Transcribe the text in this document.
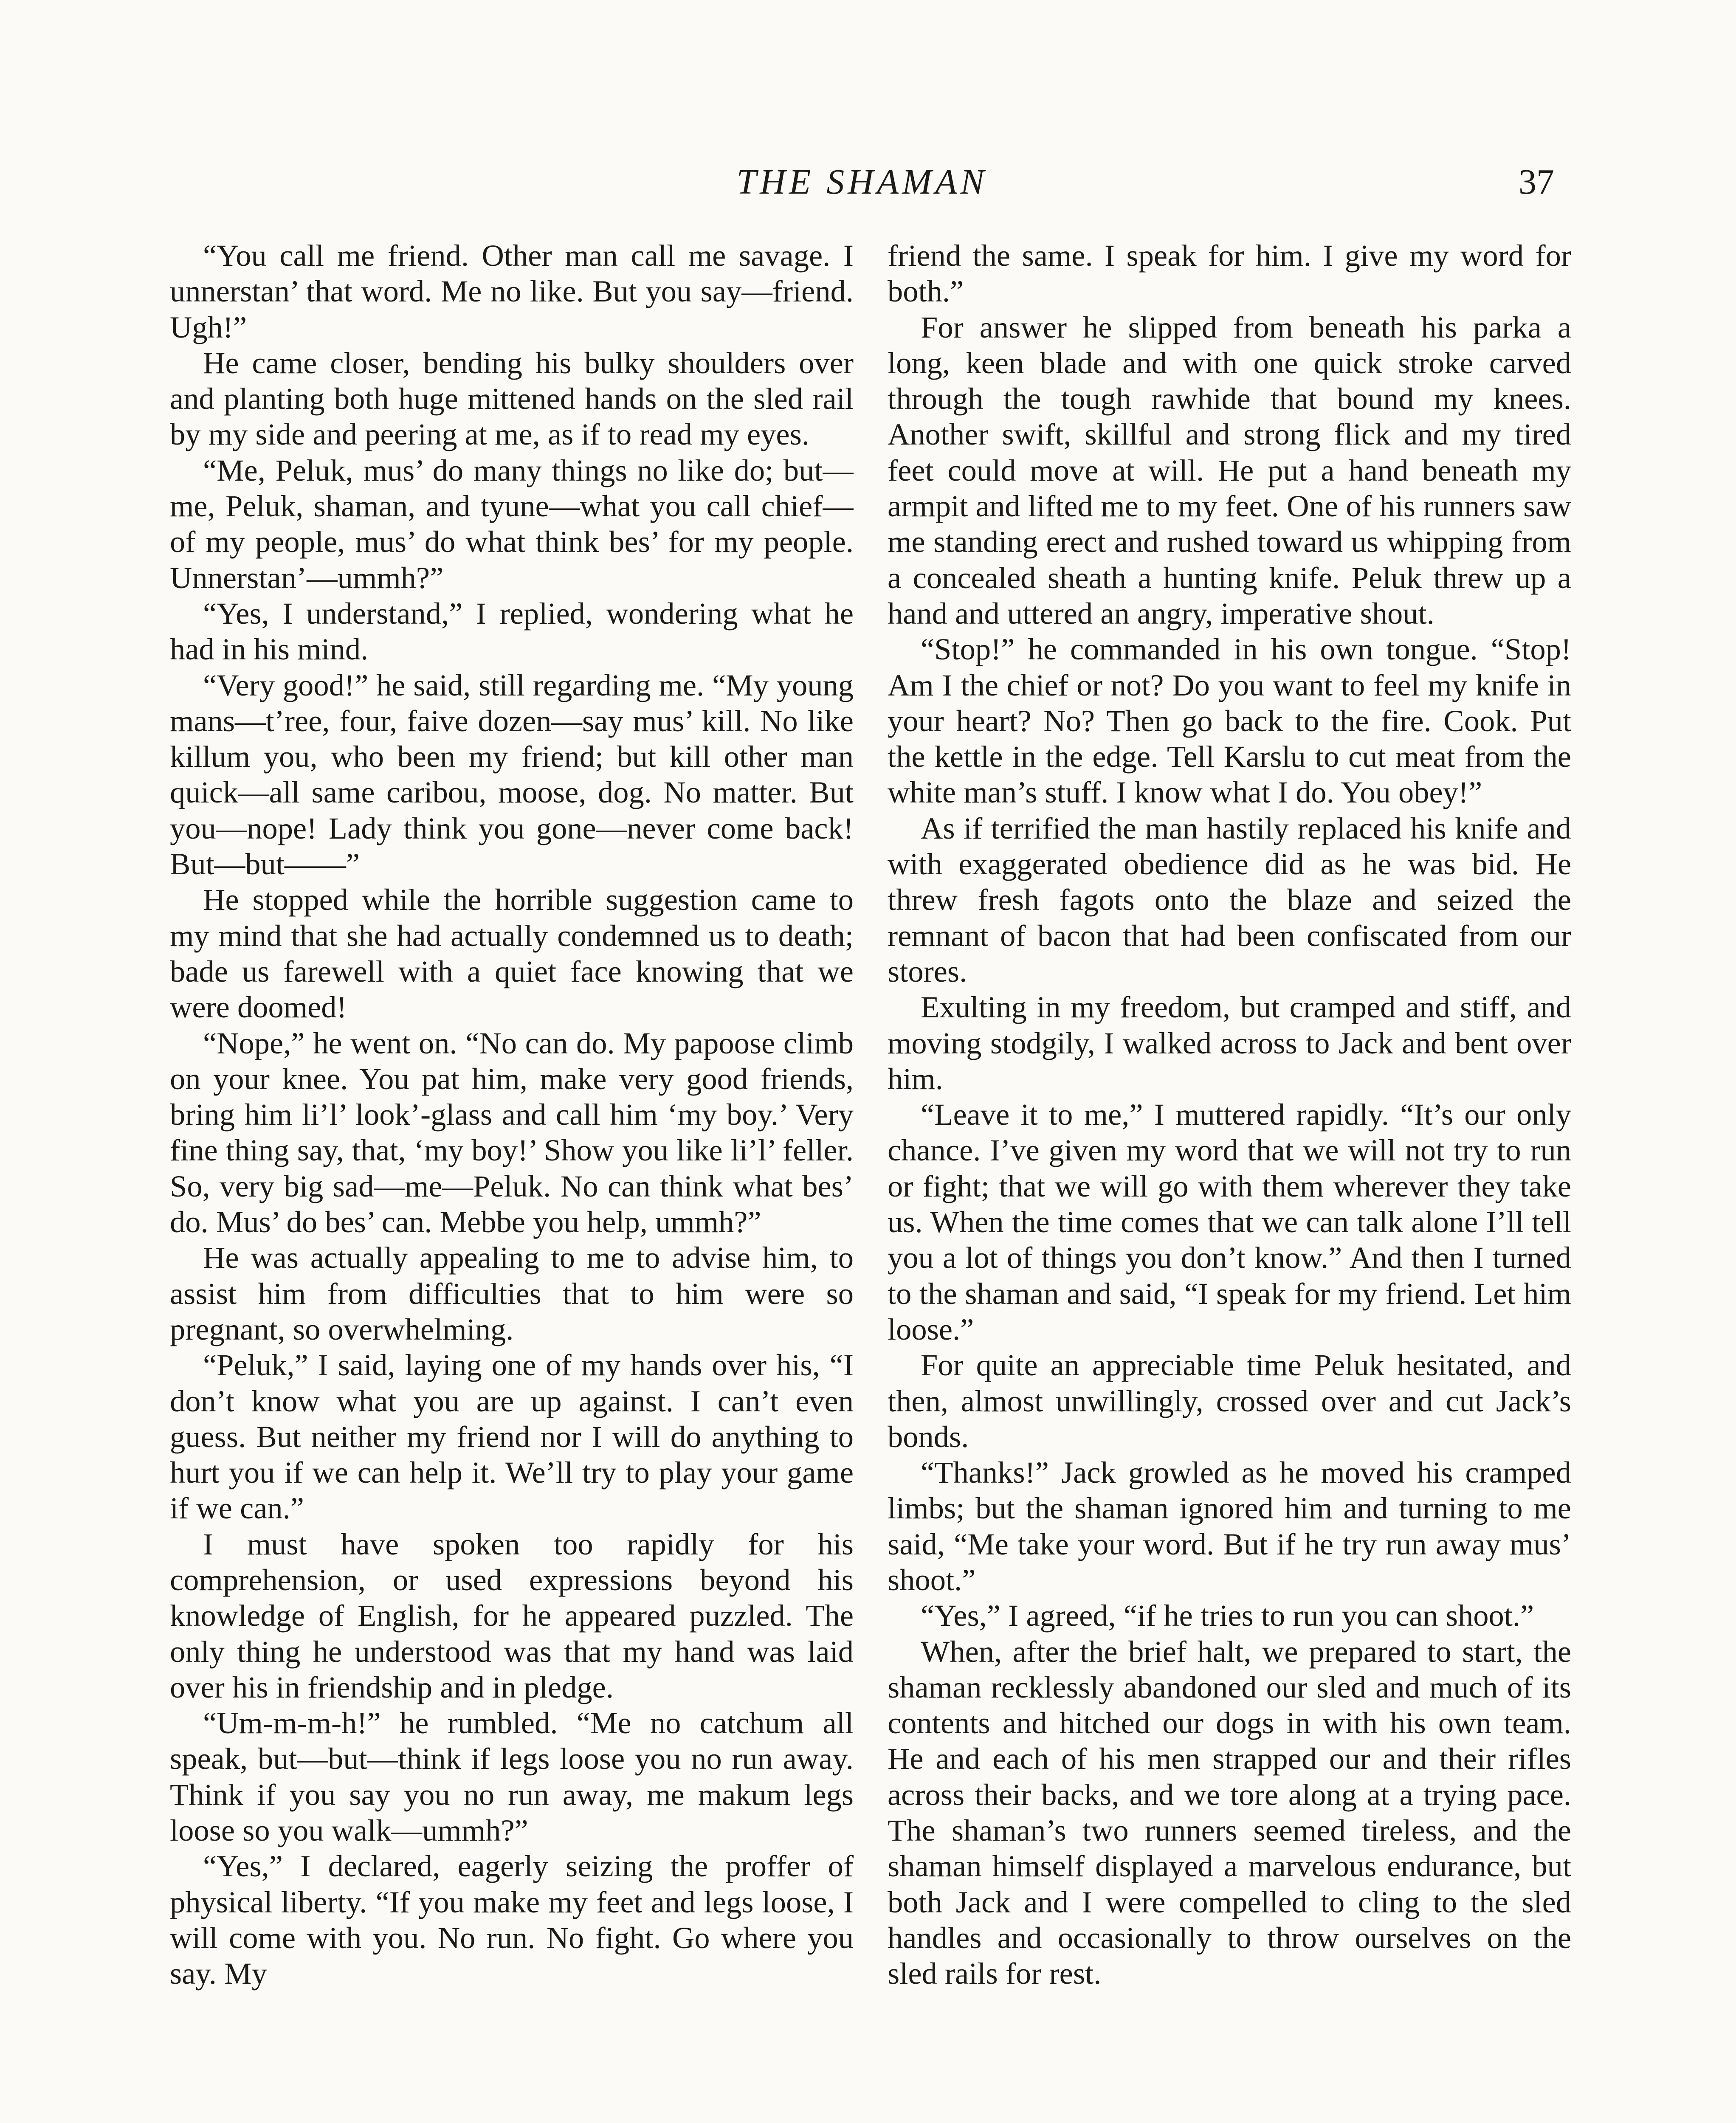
THE SHAMAN	37

“You call me friend. Other man call me savage. I unnerstan’ that word. Me no like. But you say—friend. Ugh!”

He came closer, bending his bulky shoulders over and planting both huge mittened hands on the sled rail by my side and peering at me, as if to read my eyes.

“Me, Peluk, mus’ do many things no like do; but—me, Peluk, shaman, and tyune—what you call chief—of my people, mus’ do what think bes’ for my people. Unnerstan’—ummh?”

“Yes, I understand,” I replied, wondering what he had in his mind.

“Very good!” he said, still regarding me. “My young mans—t’ree, four, faive dozen—say mus’ kill. No like killum you, who been my friend; but kill other man quick—all same caribou, moose, dog. No matter. But you—nope! Lady think you gone—never come back! But—but——”

He stopped while the horrible suggestion came to my mind that she had actually condemned us to death; bade us farewell with a quiet face knowing that we were doomed!

“Nope,” he went on. “No can do. My papoose climb on your knee. You pat him, make very good friends, bring him li’l’ look’-glass and call him ‘my boy.’ Very fine thing say, that, ‘my boy!’ Show you like li’l’ feller. So, very big sad—me—Peluk. No can think what bes’ do. Mus’ do bes’ can. Mebbe you help, ummh?”

He was actually appealing to me to advise him, to assist him from difficulties that to him were so pregnant, so overwhelming.

“Peluk,” I said, laying one of my hands over his, “I don’t know what you are up against. I can’t even guess. But neither my friend nor I will do anything to hurt you if we can help it. We’ll try to play your game if we can.”

I must have spoken too rapidly for his comprehension, or used expressions beyond his knowledge of English, for he appeared puzzled. The only thing he understood was that my hand was laid over his in friendship and in pledge.

“Um-m-m-h!” he rumbled. “Me no catchum all speak, but—but—think if legs loose you no run away. Think if you say you no run away, me makum legs loose so you walk—ummh?”

“Yes,” I declared, eagerly seizing the proffer of physical liberty. “If you make my feet and legs loose, I will come with you. No run. No fight. Go where you say. My

friend the same. I speak for him. I give my word for both.”

For answer he slipped from beneath his parka a long, keen blade and with one quick stroke carved through the tough rawhide that bound my knees. Another swift, skillful and strong flick and my tired feet could move at will. He put a hand beneath my armpit and lifted me to my feet. One of his runners saw me standing erect and rushed toward us whipping from a concealed sheath a hunting knife. Peluk threw up a hand and uttered an angry, imperative shout.

“Stop!” he commanded in his own tongue. “Stop! Am I the chief or not? Do you want to feel my knife in your heart? No? Then go back to the fire. Cook. Put the kettle in the edge. Tell Karslu to cut meat from the white man’s stuff. I know what I do. You obey!”

As if terrified the man hastily replaced his knife and with exaggerated obedience did as he was bid. He threw fresh fagots onto the blaze and seized the remnant of bacon that had been confiscated from our stores.

Exulting in my freedom, but cramped and stiff, and moving stodgily, I walked across to Jack and bent over him.

“Leave it to me,” I muttered rapidly. “It’s our only chance. I’ve given my word that we will not try to run or fight; that we will go with them wherever they take us. When the time comes that we can talk alone I’ll tell you a lot of things you don’t know.” And then I turned to the shaman and said, “I speak for my friend. Let him loose.”

For quite an appreciable time Peluk hesitated, and then, almost unwillingly, crossed over and cut Jack’s bonds.

“Thanks!” Jack growled as he moved his cramped limbs; but the shaman ignored him and turning to me said, “Me take your word. But if he try run away mus’ shoot.”

“Yes,” I agreed, “if he tries to run you can shoot.”

When, after the brief halt, we prepared to start, the shaman recklessly abandoned our sled and much of its contents and hitched our dogs in with his own team. He and each of his men strapped our and their rifles across their backs, and we tore along at a trying pace. The shaman’s two runners seemed tireless, and the shaman himself displayed a marvelous endurance, but both Jack and I were compelled to cling to the sled handles and occasionally to throw ourselves on the sled rails for rest.
